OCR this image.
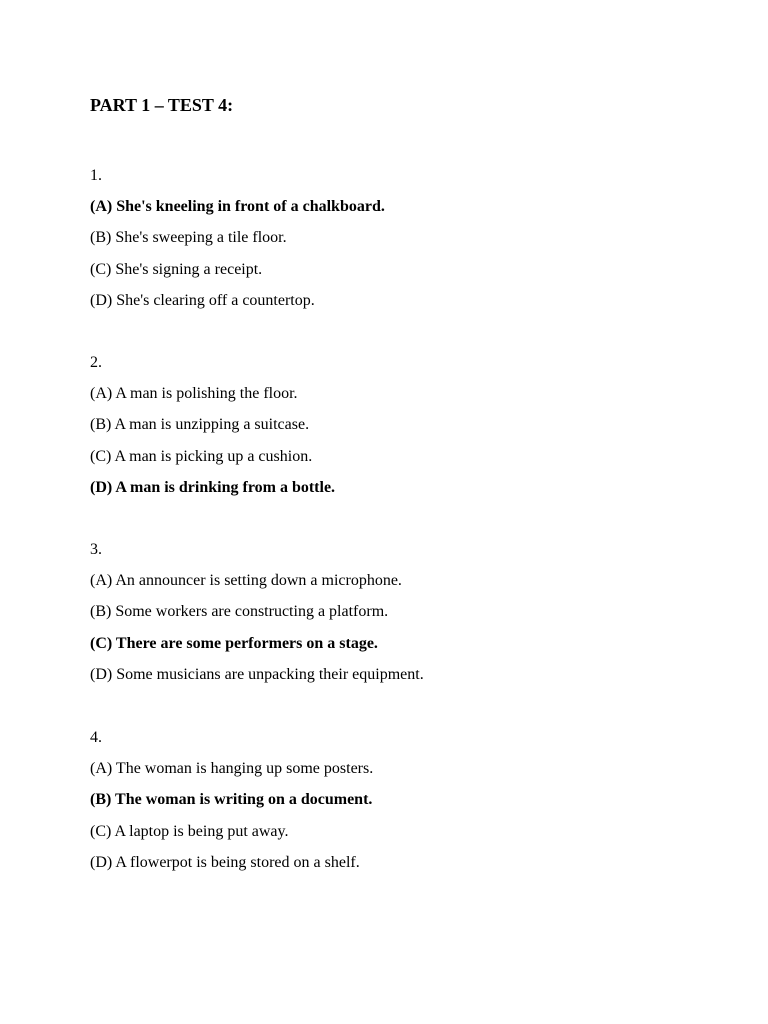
PART 1 – TEST 4:
1.
(A) She's kneeling in front of a chalkboard.
(B) She's sweeping a tile floor.
(C) She's signing a receipt.
(D) She's clearing off a countertop.
2.
(A) A man is polishing the floor.
(B) A man is unzipping a suitcase.
(C) A man is picking up a cushion.
(D) A man is drinking from a bottle.
3.
(A) An announcer is setting down a microphone.
(B) Some workers are constructing a platform.
(C) There are some performers on a stage.
(D) Some musicians are unpacking their equipment.
4.
(A) The woman is hanging up some posters.
(B) The woman is writing on a document.
(C) A laptop is being put away.
(D) A flowerpot is being stored on a shelf.
